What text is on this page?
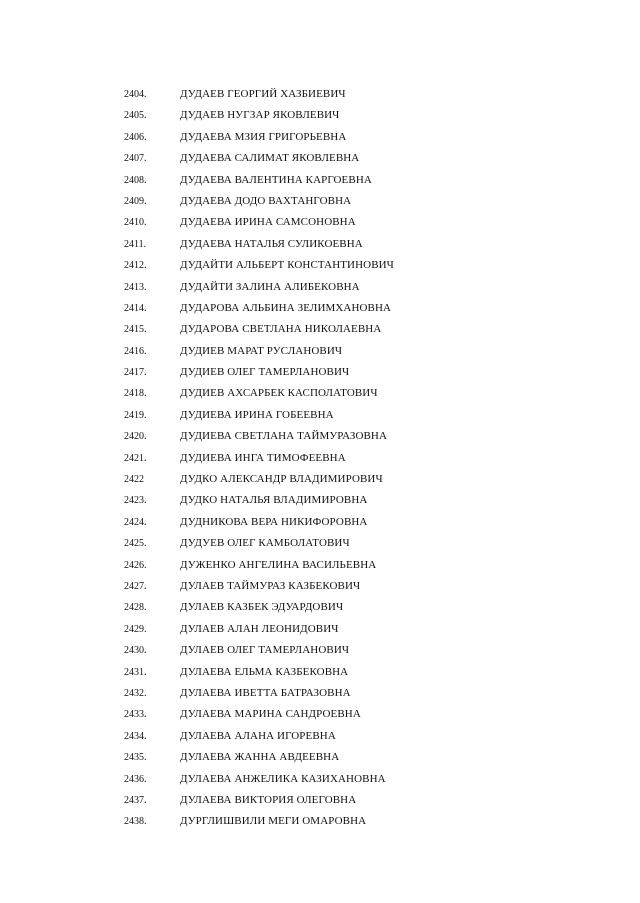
2404.	ДУДАЕВ ГЕОРГИЙ ХАЗБИЕВИЧ
2405.	ДУДАЕВ НУГЗАР ЯКОВЛЕВИЧ
2406.	ДУДАЕВА МЗИЯ ГРИГОРЬЕВНА
2407.	ДУДАЕВА САЛИМАТ ЯКОВЛЕВНА
2408.	ДУДАЕВА ВАЛЕНТИНА КАРГОЕВНА
2409.	ДУДАЕВА ДОДО ВАХТАНГОВНА
2410.	ДУДАЕВА ИРИНА САМСОНОВНА
2411.	ДУДАЕВА НАТАЛЬЯ СУЛИКОЕВНА
2412.	ДУДАЙТИ АЛЬБЕРТ КОНСТАНТИНОВИЧ
2413.	ДУДАЙТИ ЗАЛИНА АЛИБЕКОВНА
2414.	ДУДАРОВА АЛЬБИНА ЗЕЛИМХАНОВНА
2415.	ДУДАРОВА СВЕТЛАНА НИКОЛАЕВНА
2416.	ДУДИЕВ МАРАТ РУСЛАНОВИЧ
2417.	ДУДИЕВ ОЛЕГ ТАМЕРЛАНОВИЧ
2418.	ДУДИЕВ АХСАРБЕК КАСПОЛАТОВИЧ
2419.	ДУДИЕВА ИРИНА ГОБЕЕВНА
2420.	ДУДИЕВА СВЕТЛАНА ТАЙМУРАЗОВНА
2421.	ДУДИЕВА ИНГА ТИМОФЕЕВНА
2422	ДУДКО АЛЕКСАНДР ВЛАДИМИРОВИЧ
2423.	ДУДКО НАТАЛЬЯ ВЛАДИМИРОВНА
2424.	ДУДНИКОВА ВЕРА НИКИФОРОВНА
2425.	ДУДУЕВ ОЛЕГ КАМБОЛАТОВИЧ
2426.	ДУЖЕНКО АНГЕЛИНА ВАСИЛЬЕВНА
2427.	ДУЛАЕВ ТАЙМУРАЗ КАЗБЕКОВИЧ
2428.	ДУЛАЕВ КАЗБЕК ЭДУАРДОВИЧ
2429.	ДУЛАЕВ АЛАН ЛЕОНИДОВИЧ
2430.	ДУЛАЕВ ОЛЕГ ТАМЕРЛАНОВИЧ
2431.	ДУЛАЕВА ЕЛЬМА КАЗБЕКОВНА
2432.	ДУЛАЕВА ИВЕТТА БАТРАЗОВНА
2433.	ДУЛАЕВА МАРИНА САНДРОЕВНА
2434.	ДУЛАЕВА АЛАНА ИГОРЕВНА
2435.	ДУЛАЕВА ЖАННА АВДЕЕВНА
2436.	ДУЛАЕВА АНЖЕЛИКА КАЗИХАНОВНА
2437.	ДУЛАЕВА ВИКТОРИЯ ОЛЕГОВНА
2438.	ДУРГЛИШВИЛИ МЕГИ ОМАРОВНА
